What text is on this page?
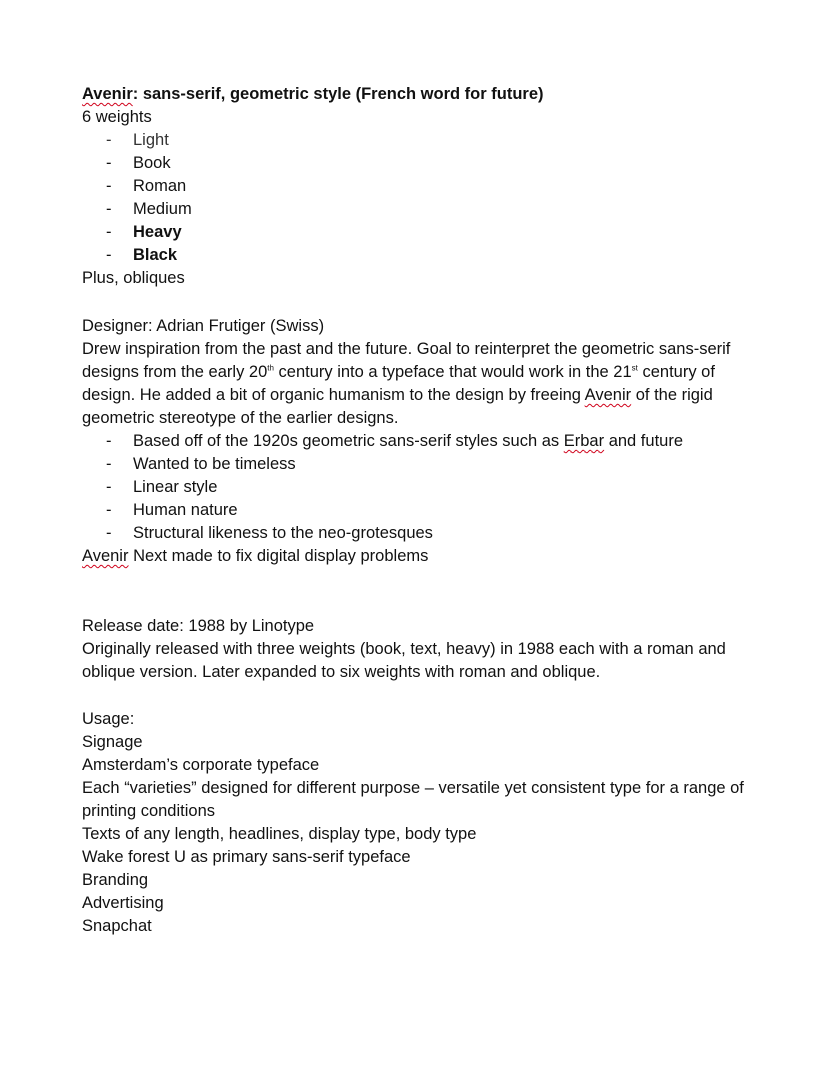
Avenir: sans-serif, geometric style (French word for future)
6 weights
- Light
- Book
- Roman
- Medium
- Heavy
- Black
Plus, obliques
Designer: Adrian Frutiger (Swiss)
Drew inspiration from the past and the future. Goal to reinterpret the geometric sans-serif designs from the early 20th century into a typeface that would work in the 21st century of design. He added a bit of organic humanism to the design by freeing Avenir of the rigid geometric stereotype of the earlier designs.
- Based off of the 1920s geometric sans-serif styles such as Erbar and future
- Wanted to be timeless
- Linear style
- Human nature
- Structural likeness to the neo-grotesques
Avenir Next made to fix digital display problems
Release date: 1988 by Linotype
Originally released with three weights (book, text, heavy) in 1988 each with a roman and oblique version. Later expanded to six weights with roman and oblique.
Usage:
Signage
Amsterdam’s corporate typeface
Each “varieties” designed for different purpose – versatile yet consistent type for a range of printing conditions
Texts of any length, headlines, display type, body type
Wake forest U as primary sans-serif typeface
Branding
Advertising
Snapchat
